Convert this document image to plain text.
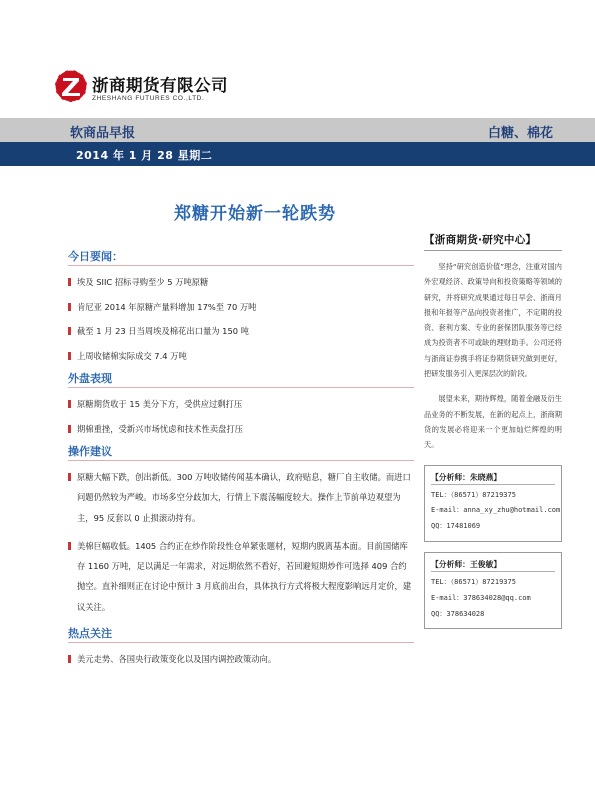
浙商期货有限公司
ZHESHANG FUTURES CO.,LTD.
软商品早报	白糖、棉花
2014 年 1 月 28 星期二
郑糖开始新一轮跌势
今日要闻：
埃及 SIIC 招标寻购至少 5 万吨原糖
肯尼亚 2014 年原糖产量料增加 17%至 70 万吨
截至 1 月 23 日当周埃及棉花出口量为 150 吨
上周收储棉实际成交 7.4 万吨
外盘表现
原糖期货收于 15 美分下方，受供应过剩打压
期棉重挫，受新兴市场忧虑和技术性卖盘打压
操作建议
原糖大幅下跌，创出新低。300 万吨收储传闻基本确认，政府贴息，糖厂自主收储。而进口问题仍然较为严峻。市场多空分歧加大，行情上下震荡幅度较大。操作上节前单边观望为主，95 反套以 0 止损滚动持有。
美棉巨幅收低。1405 合约正在炒作阶段性仓单紧张题材，短期内脱离基本面。目前国储库存 1160 万吨，足以满足一年需求，对远期依然不看好，若回避短期炒作可选择 409 合约抛空。直补细则正在讨论中预计 3 月底前出台，具体执行方式将极大程度影响远月定价，建议关注。
热点关注
美元走势、各国央行政策变化以及国内调控政策动向。
【浙商期货·研究中心】

坚持“研究创造价值”理念，注重对国内外宏观经济、政策导向和投资策略等领域的研究，并将研究成果通过每日早会、浙商月报和年报等产品向投资者推广，不定期的投资、套利方案、专业的套保团队服务等已经成为投资者不可或缺的理财助手。公司还将与浙商证券携手将证券期货研究做到更好，把研发服务引入更深层次的阶段。

展望未来，期待辉煌，随着金融及衍生品业务的不断发展，在新的起点上，浙商期货的发展必将迎来一个更加灿烂辉煌的明天。

【分析师：朱晓燕】
TEL：（86571）87219375
E-mail：anna_xy_zhu@hotmail.com
QQ：17481069
【分析师：王俊敏】
TEL：（86571）87219375
E-mail：378634028@qq.com
QQ：378634028
